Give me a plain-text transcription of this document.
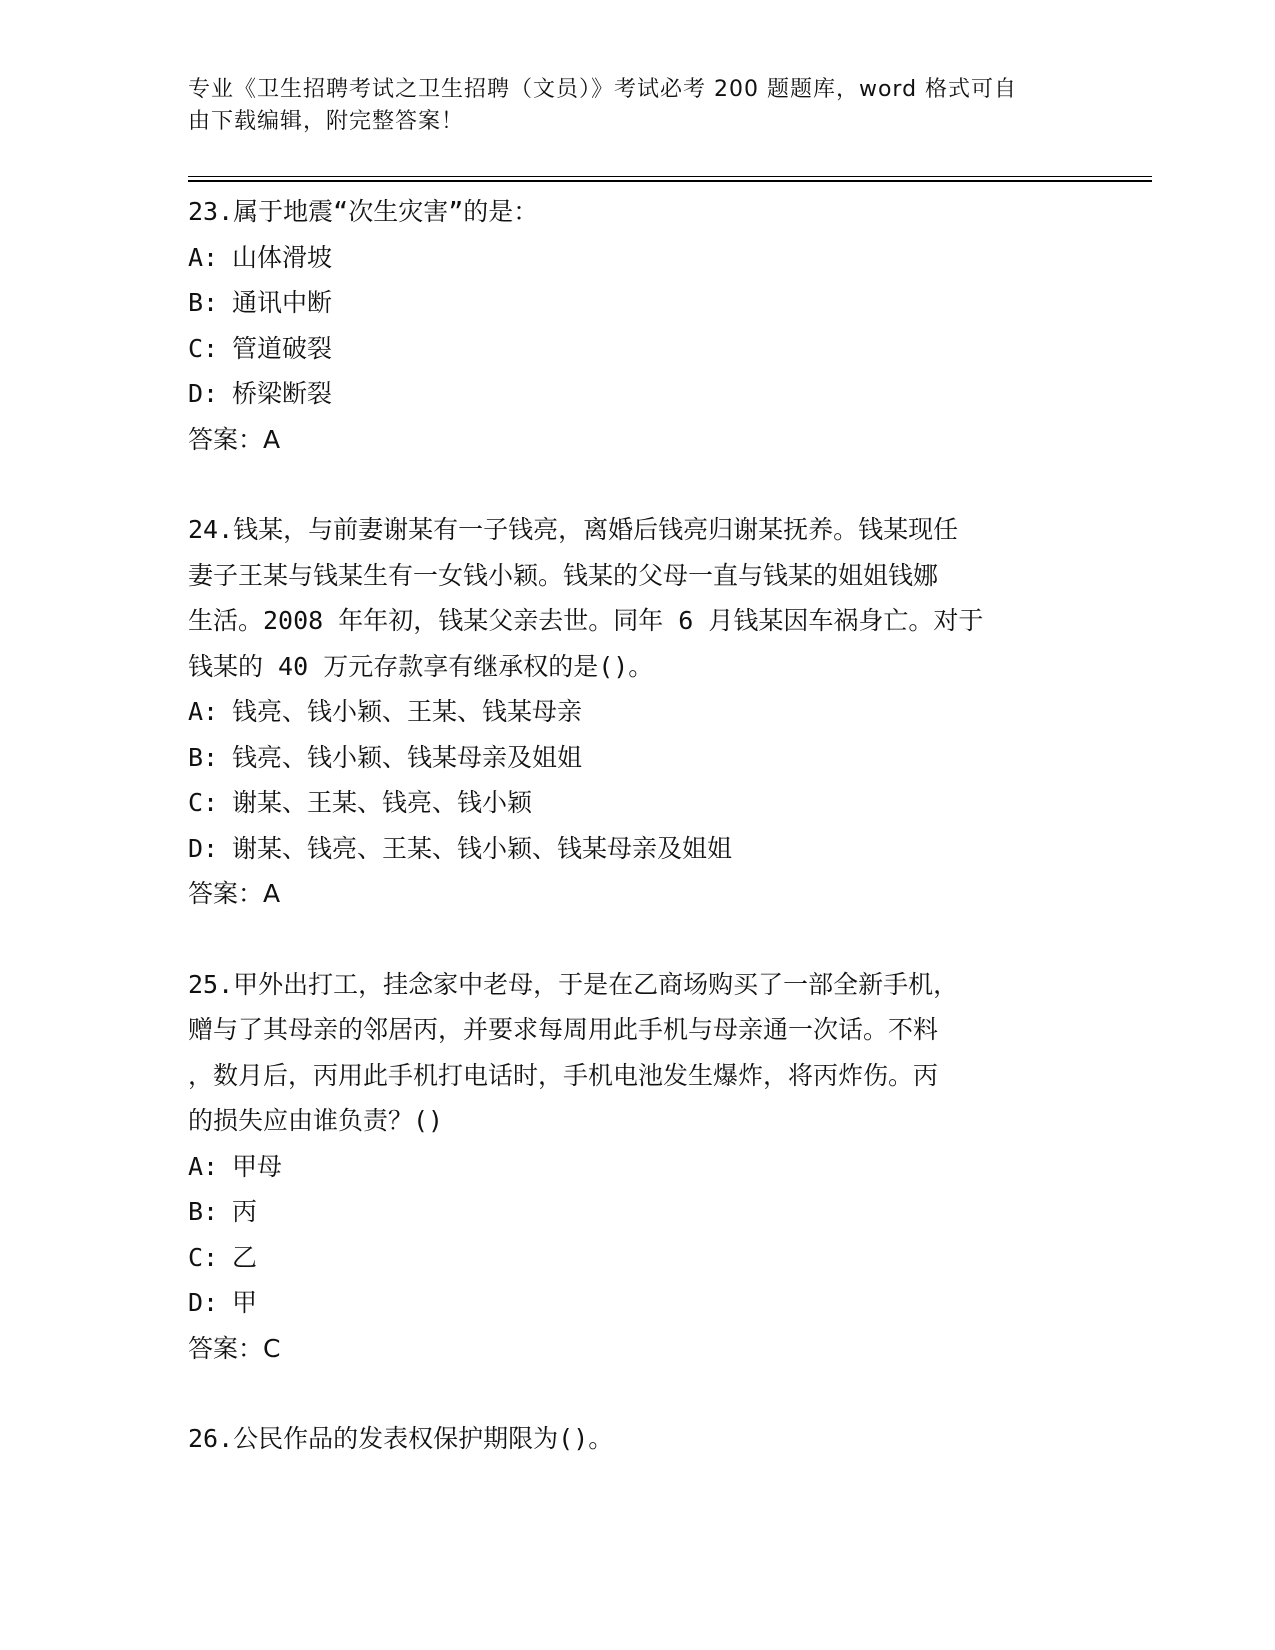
专业《卫生招聘考试之卫生招聘（文员）》考试必考 200 题题库，word 格式可自
由下载编辑，附完整答案！
23.属于地震“次生灾害”的是：
A: 山体滑坡
B: 通讯中断
C: 管道破裂
D: 桥梁断裂
答案：A
24.钱某，与前妻谢某有一子钱亮，离婚后钱亮归谢某抚养。钱某现任
妻子王某与钱某生有一女钱小颖。钱某的父母一直与钱某的姐姐钱娜
生活。2008 年年初，钱某父亲去世。同年 6 月钱某因车祸身亡。对于
钱某的 40 万元存款享有继承权的是()。
A: 钱亮、钱小颖、王某、钱某母亲
B: 钱亮、钱小颖、钱某母亲及姐姐
C: 谢某、王某、钱亮、钱小颖
D: 谢某、钱亮、王某、钱小颖、钱某母亲及姐姐
答案：A
25.甲外出打工，挂念家中老母，于是在乙商场购买了一部全新手机，
赠与了其母亲的邻居丙，并要求每周用此手机与母亲通一次话。不料
，数月后，丙用此手机打电话时，手机电池发生爆炸，将丙炸伤。丙
的损失应由谁负责？()
A: 甲母
B: 丙
C: 乙
D: 甲
答案：C
26.公民作品的发表权保护期限为()。
